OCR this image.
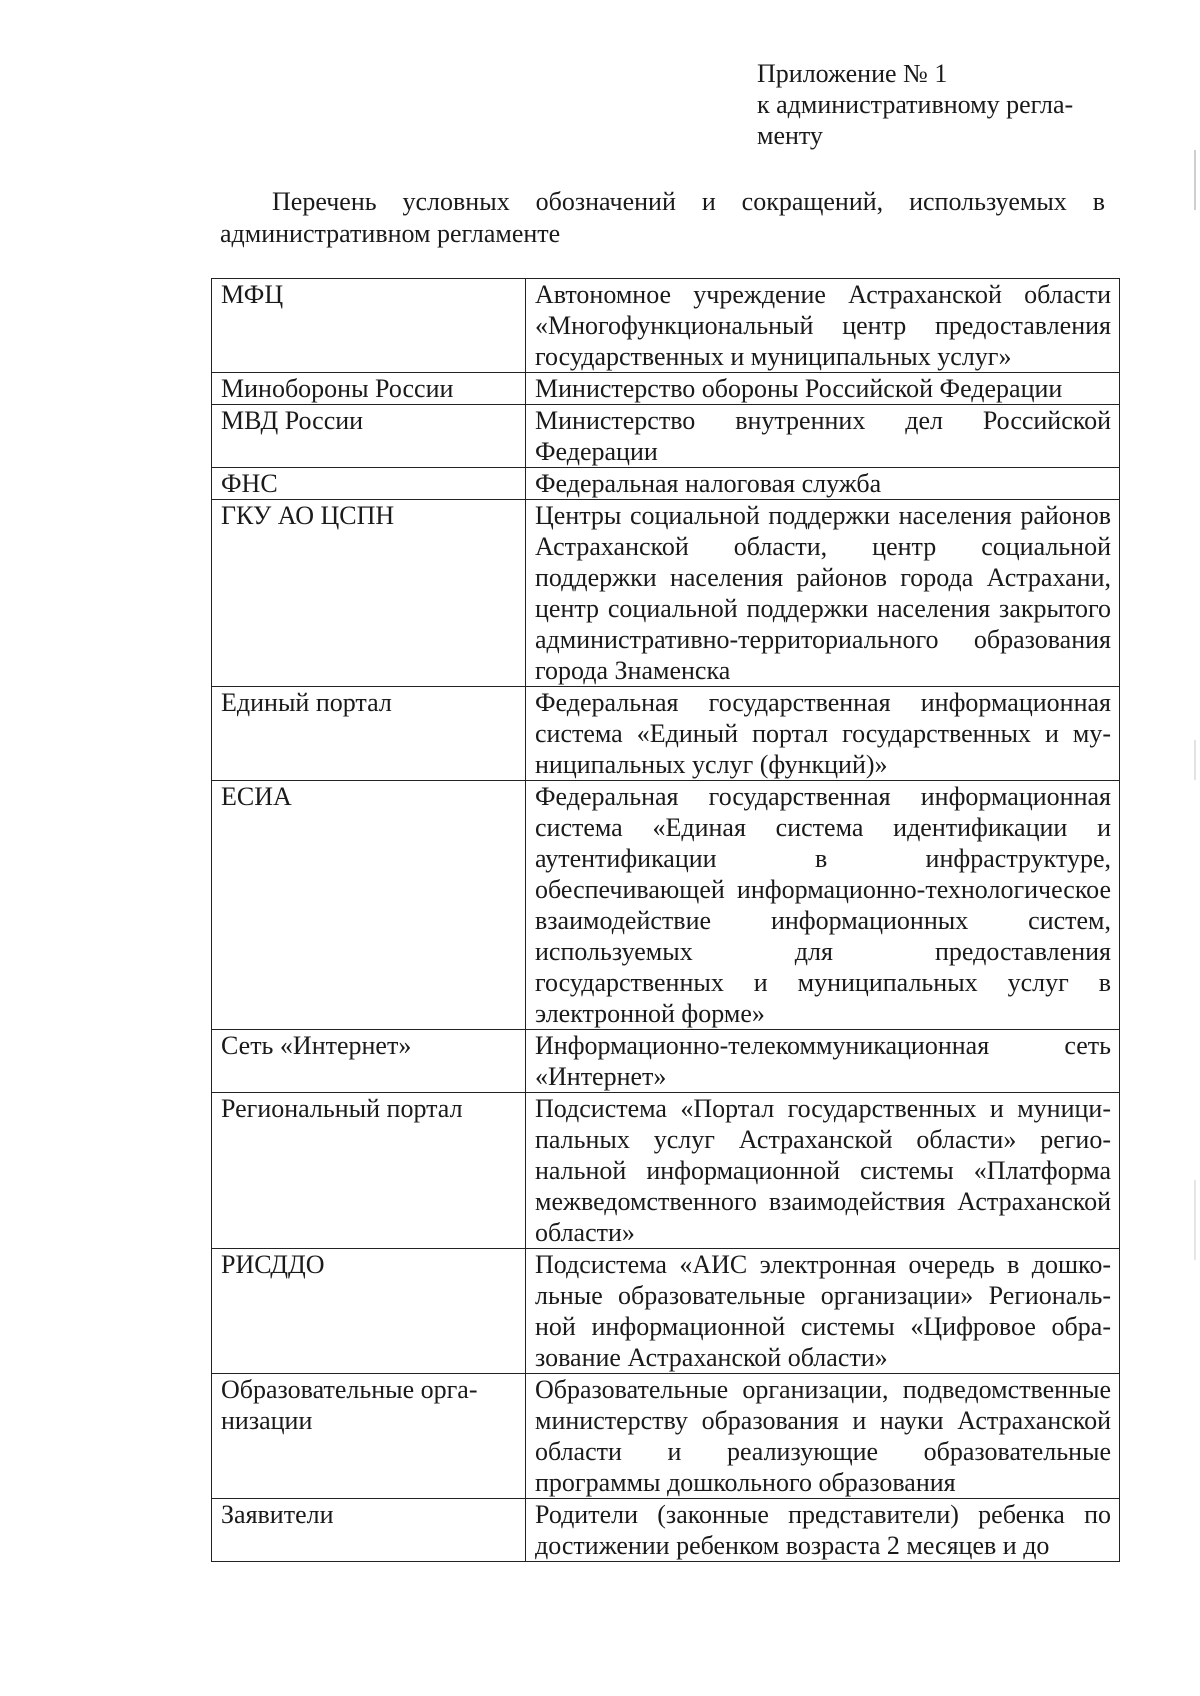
Приложение № 1
к административному регла-
менту
Перечень условных обозначений и сокращений, используемых в административном регламенте
МФЦ	Автономное учреждение Астраханской области «Многофункциональный центр предоставления государственных и муниципальных услуг»
Минобороны России	Министерство обороны Российской Федерации
МВД России	Министерство внутренних дел Российской Федерации
ФНС	Федеральная налоговая служба
ГКУ АО ЦСПН	Центры социальной поддержки населения районов Астраханской области, центр социальной поддержки населения районов города Астрахани, центр социальной поддержки населения закрытого административно-территориального образования города Знаменска
Единый портал	Федеральная государственная информационная система «Единый портал государственных и муниципальных услуг (функций)»
ЕСИА	Федеральная государственная информационная система «Единая система идентификации и аутентификации в инфраструктуре, обеспечивающей информационно-технологическое взаимодействие информационных систем, используемых для предоставления государственных и муниципальных услуг в электронной форме»
Сеть «Интернет»	Информационно-телекоммуникационная сеть «Интернет»
Региональный портал	Подсистема «Портал государственных и муниципальных услуг Астраханской области» региональной информационной системы «Платформа межведомственного взаимодействия Астраханской области»
РИСДДО	Подсистема «АИС электронная очередь в дошкольные образовательные организации» Региональной информационной системы «Цифровое образование Астраханской области»
Образовательные организации	Образовательные организации, подведомственные министерству образования и науки Астраханской области и реализующие образовательные программы дошкольного образования
Заявители	Родители (законные представители) ребенка по достижении ребенком возраста 2 месяцев и до
